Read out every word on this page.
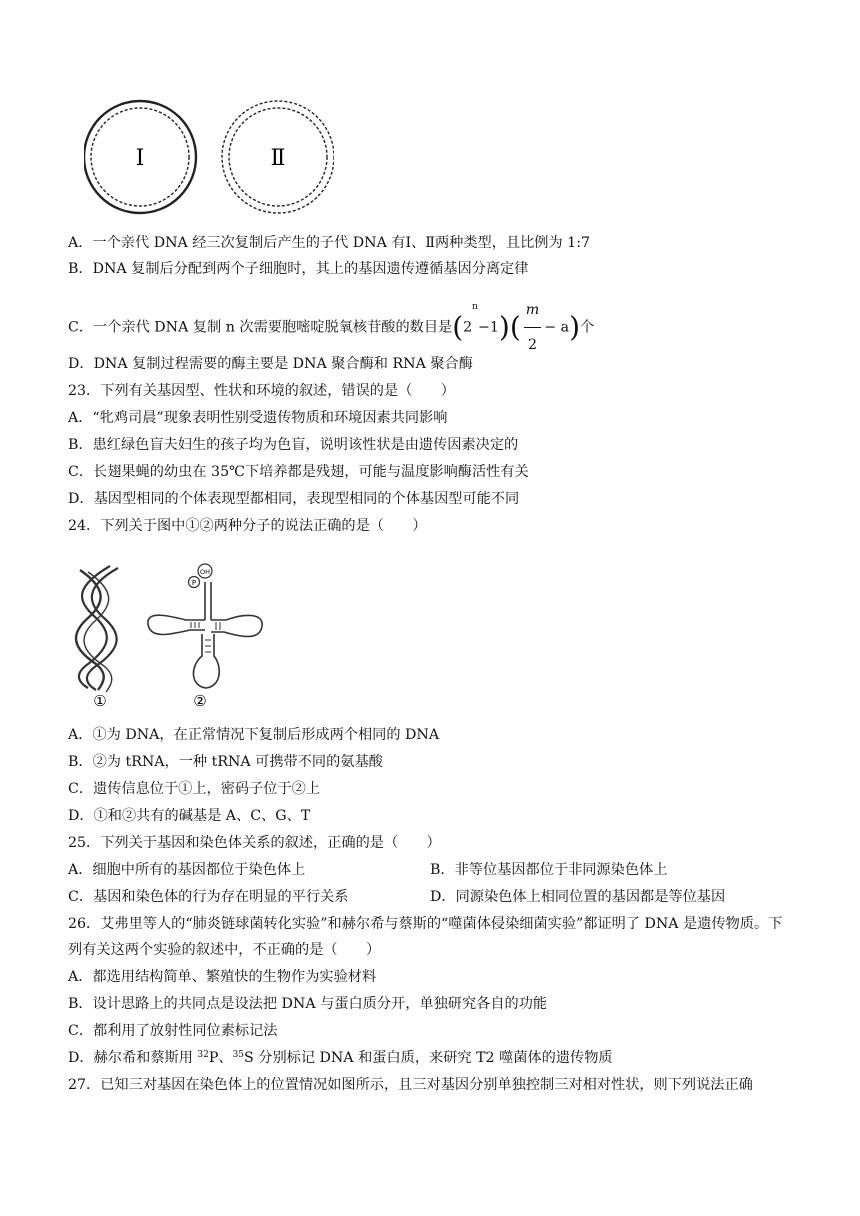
Ⅰ	Ⅱ
A．一个亲代 DNA 经三次复制后产生的子代 DNA 有Ⅰ、Ⅱ两种类型，且比例为 1:7
B．DNA 复制后分配到两个子细胞时，其上的基因遗传遵循基因分离定律
C．一个亲代 DNA 复制 n 次需要胞嘧啶脱氧核苷酸的数目是$(2^n-1)( \frac{m}{2} - a)$个
D．DNA 复制过程需要的酶主要是 DNA 聚合酶和 RNA 聚合酶
23．下列有关基因型、性状和环境的叙述，错误的是（　　）
A．“牝鸡司晨”现象表明性别受遗传物质和环境因素共同影响
B．患红绿色盲夫妇生的孩子均为色盲，说明该性状是由遗传因素决定的
C．长翅果蝇的幼虫在 35℃下培养都是残翅，可能与温度影响酶活性有关
D．基因型相同的个体表现型都相同，表现型相同的个体基因型可能不同
24．下列关于图中①②两种分子的说法正确的是（　　）
P
OH
①	②
A．①为 DNA，在正常情况下复制后形成两个相同的 DNA
B．②为 tRNA，一种 tRNA 可携带不同的氨基酸
C．遗传信息位于①上，密码子位于②上
D．①和②共有的碱基是 A、C、G、T
25．下列关于基因和染色体关系的叙述，正确的是（　　）
A．细胞中所有的基因都位于染色体上	B．非等位基因都位于非同源染色体上
C．基因和染色体的行为存在明显的平行关系	D．同源染色体上相同位置的基因都是等位基因
26．艾弗里等人的“肺炎链球菌转化实验”和赫尔希与蔡斯的“噬菌体侵染细菌实验”都证明了 DNA 是遗传物质。下列有关这两个实验的叙述中，不正确的是（　　）
A．都选用结构简单、繁殖快的生物作为实验材料
B．设计思路上的共同点是设法把 DNA 与蛋白质分开，单独研究各自的功能
C．都利用了放射性同位素标记法
D．赫尔希和蔡斯用 $^{32}$P、$^{35}$S 分别标记 DNA 和蛋白质，来研究 T2 噬菌体的遗传物质
27．已知三对基因在染色体上的位置情况如图所示，且三对基因分别单独控制三对相对性状，则下列说法正确
